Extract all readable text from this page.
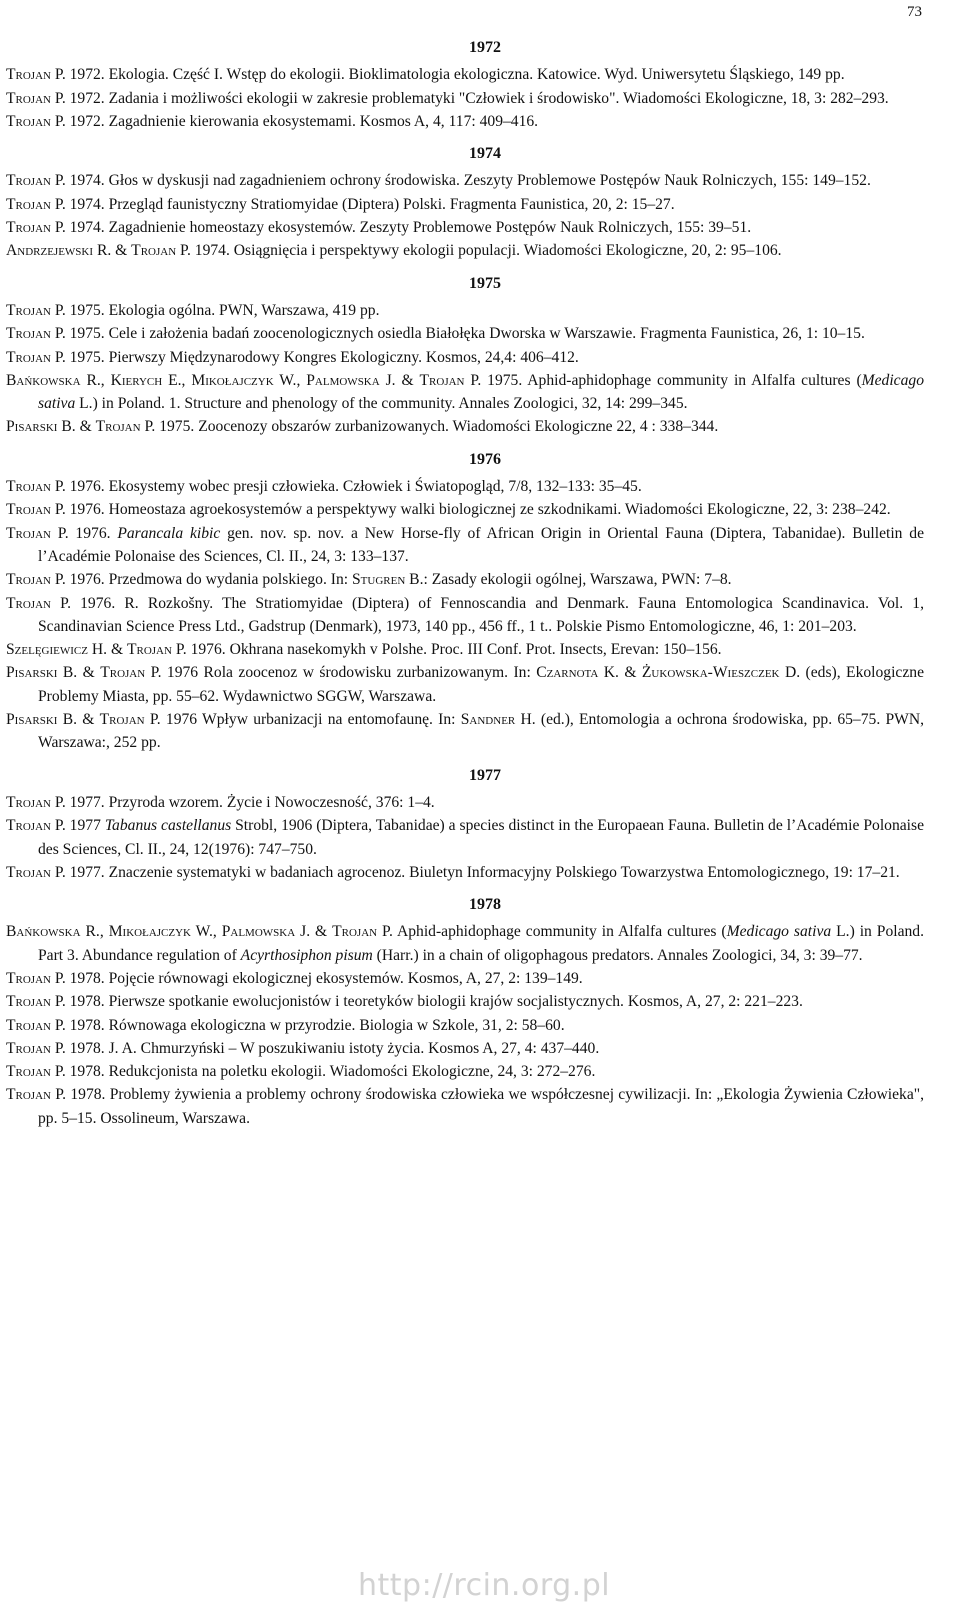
73
1972

Trojan P. 1972. Ekologia. Część I. Wstęp do ekologii. Bioklimatologia ekologiczna. Katowice. Wyd. Uniwersytetu Śląskiego, 149 pp.

Trojan P. 1972. Zadania i możliwości ekologii w zakresie problematyki "Człowiek i środowisko". Wiadomości Ekologiczne, 18, 3: 282–293.

Trojan P. 1972. Zagadnienie kierowania ekosystemami. Kosmos A, 4, 117: 409–416.

1974

Trojan P. 1974. Głos w dyskusji nad zagadnieniem ochrony środowiska. Zeszyty Problemowe Postępów Nauk Rolniczych, 155: 149–152.

Trojan P. 1974. Przegląd faunistyczny Stratiomyidae (Diptera) Polski. Fragmenta Faunistica, 20, 2: 15–27.

Trojan P. 1974. Zagadnienie homeostazy ekosystemów. Zeszyty Problemowe Postępów Nauk Rolniczych, 155: 39–51.

Andrzejewski R. & Trojan P. 1974. Osiągnięcia i perspektywy ekologii populacji. Wiadomości Ekologiczne, 20, 2: 95–106.

1975

Trojan P. 1975. Ekologia ogólna. PWN, Warszawa, 419 pp.

Trojan P. 1975. Cele i założenia badań zoocenologicznych osiedla Białołęka Dworska w Warszawie. Fragmenta Faunistica, 26, 1: 10–15.

Trojan P. 1975. Pierwszy Międzynarodowy Kongres Ekologiczny. Kosmos, 24,4: 406–412.

Bańkowska R., Kierych E., Mikołajczyk W., Palmowska J. & Trojan P. 1975. Aphid-aphidophage community in Alfalfa cultures (Medicago sativa L.) in Poland. 1. Structure and phenology of the community. Annales Zoologici, 32, 14: 299–345.

Pisarski B. & Trojan P. 1975. Zoocenozy obszarów zurbanizowanych. Wiadomości Ekologiczne 22, 4 : 338–344.

1976

Trojan P. 1976. Ekosystemy wobec presji człowieka. Człowiek i Światopogląd, 7/8, 132–133: 35–45.

Trojan P. 1976. Homeostaza agroekosystemów a perspektywy walki biologicznej ze szkodnikami. Wiadomości Ekologiczne, 22, 3: 238–242.

Trojan P. 1976. Parancala kibic gen. nov. sp. nov. a New Horse-fly of African Origin in Oriental Fauna (Diptera, Tabanidae). Bulletin de l’Académie Polonaise des Sciences, Cl. II., 24, 3: 133–137.

Trojan P. 1976. Przedmowa do wydania polskiego. In: Stugren B.: Zasady ekologii ogólnej, Warszawa, PWN: 7–8.

Trojan P. 1976. R. Rozkošny. The Stratiomyidae (Diptera) of Fennoscandia and Denmark. Fauna Entomologica Scandinavica. Vol. 1, Scandinavian Science Press Ltd., Gadstrup (Denmark), 1973, 140 pp., 456 ff., 1 t.. Polskie Pismo Entomologiczne, 46, 1: 201–203.

Szelęgiewicz H. & Trojan P. 1976. Okhrana nasekomykh v Polshe. Proc. III Conf. Prot. Insects, Erevan: 150–156.

Pisarski B. & Trojan P. 1976 Rola zoocenoz w środowisku zurbanizowanym. In: Czarnota K. & Żukowska-Wieszczek D. (eds), Ekologiczne Problemy Miasta, pp. 55–62. Wydawnictwo SGGW, Warszawa.

Pisarski B. & Trojan P. 1976 Wpływ urbanizacji na entomofaunę. In: Sandner H. (ed.), Entomologia a ochrona środowiska, pp. 65–75. PWN, Warszawa:, 252 pp.

1977

Trojan P. 1977. Przyroda wzorem. Życie i Nowoczesność, 376: 1–4.

Trojan P. 1977 Tabanus castellanus Strobl, 1906 (Diptera, Tabanidae) a species distinct in the Europaean Fauna. Bulletin de l’Académie Polonaise des Sciences, Cl. II., 24, 12(1976): 747–750.

Trojan P. 1977. Znaczenie systematyki w badaniach agrocenoz. Biuletyn Informacyjny Polskiego Towarzystwa Entomologicznego, 19: 17–21.

1978

Bańkowska R., Mikołajczyk W., Palmowska J. & Trojan P. Aphid-aphidophage community in Alfalfa cultures (Medicago sativa L.) in Poland. Part 3. Abundance regulation of Acyrthosiphon pisum (Harr.) in a chain of oligophagous predators. Annales Zoologici, 34, 3: 39–77.

Trojan P. 1978. Pojęcie równowagi ekologicznej ekosystemów. Kosmos, A, 27, 2: 139–149.

Trojan P. 1978. Pierwsze spotkanie ewolucjonistów i teoretyków biologii krajów socjalistycznych. Kosmos, A, 27, 2: 221–223.

Trojan P. 1978. Równowaga ekologiczna w przyrodzie. Biologia w Szkole, 31, 2: 58–60.

Trojan P. 1978. J. A. Chmurzyński – W poszukiwaniu istoty życia. Kosmos A, 27, 4: 437–440.

Trojan P. 1978. Redukcjonista na poletku ekologii. Wiadomości Ekologiczne, 24, 3: 272–276.

Trojan P. 1978. Problemy żywienia a problemy ochrony środowiska człowieka we współczesnej cywilizacji. In: „Ekologia Żywienia Człowieka", pp. 5–15. Ossolineum, Warszawa.

http://rcin.org.pl
